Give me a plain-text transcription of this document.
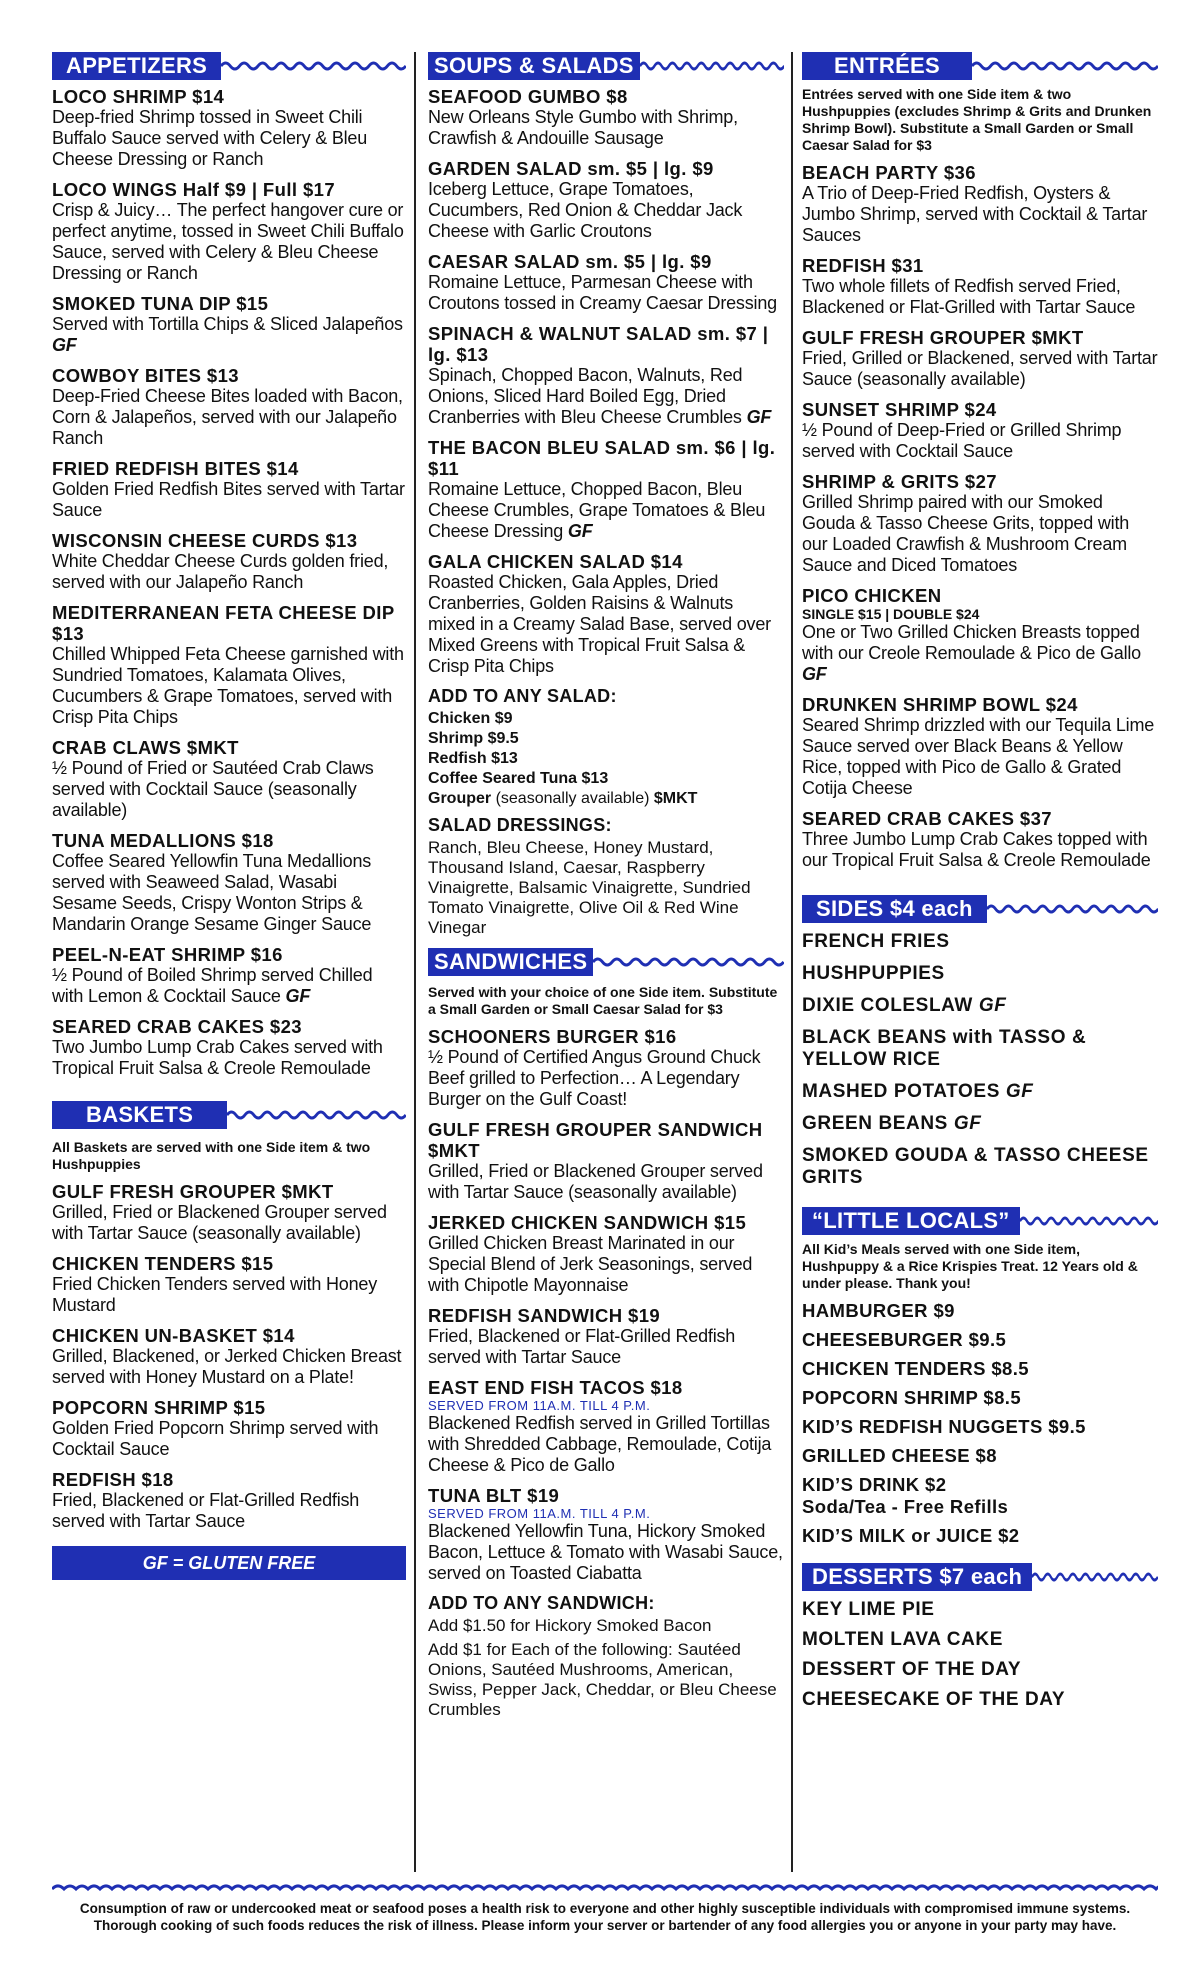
APPETIZERS
LOCO SHRIMP $14
Deep-fried Shrimp tossed in Sweet Chili Buffalo Sauce served with Celery & Bleu Cheese Dressing or Ranch
LOCO WINGS Half $9 | Full $17
Crisp & Juicy… The perfect hangover cure or perfect anytime, tossed in Sweet Chili Buffalo Sauce, served with Celery & Bleu Cheese Dressing or Ranch
SMOKED TUNA DIP $15
Served with Tortilla Chips & Sliced Jalapeños GF
COWBOY BITES $13
Deep-Fried Cheese Bites loaded with Bacon, Corn & Jalapeños, served with our Jalapeño Ranch
FRIED REDFISH BITES $14
Golden Fried Redfish Bites served with Tartar Sauce
WISCONSIN CHEESE CURDS $13
White Cheddar Cheese Curds golden fried, served with our Jalapeño Ranch
MEDITERRANEAN FETA CHEESE DIP $13
Chilled Whipped Feta Cheese garnished with Sundried Tomatoes, Kalamata Olives, Cucumbers & Grape Tomatoes, served with Crisp Pita Chips
CRAB CLAWS $MKT
½ Pound of Fried or Sautéed Crab Claws served with Cocktail Sauce (seasonally available)
TUNA MEDALLIONS $18
Coffee Seared Yellowfin Tuna Medallions served with Seaweed Salad, Wasabi Sesame Seeds, Crispy Wonton Strips & Mandarin Orange Sesame Ginger Sauce
PEEL-N-EAT SHRIMP $16
½ Pound of Boiled Shrimp served Chilled with Lemon & Cocktail Sauce GF
SEARED CRAB CAKES $23
Two Jumbo Lump Crab Cakes served with Tropical Fruit Salsa & Creole Remoulade
BASKETS
All Baskets are served with one Side item & two Hushpuppies
GULF FRESH GROUPER $MKT
Grilled, Fried or Blackened Grouper served with Tartar Sauce (seasonally available)
CHICKEN TENDERS $15
Fried Chicken Tenders served with Honey Mustard
CHICKEN UN-BASKET $14
Grilled, Blackened, or Jerked Chicken Breast served with Honey Mustard on a Plate!
POPCORN SHRIMP $15
Golden Fried Popcorn Shrimp served with Cocktail Sauce
REDFISH $18
Fried, Blackened or Flat-Grilled Redfish served with Tartar Sauce
GF = GLUTEN FREE
SOUPS & SALADS
SEAFOOD GUMBO $8
New Orleans Style Gumbo with Shrimp, Crawfish & Andouille Sausage
GARDEN SALAD sm. $5 | lg. $9
Iceberg Lettuce, Grape Tomatoes, Cucumbers, Red Onion & Cheddar Jack Cheese with Garlic Croutons
CAESAR SALAD sm. $5 | lg. $9
Romaine Lettuce, Parmesan Cheese with Croutons tossed in Creamy Caesar Dressing
SPINACH & WALNUT SALAD sm. $7 | lg. $13
Spinach, Chopped Bacon, Walnuts, Red Onions, Sliced Hard Boiled Egg, Dried Cranberries with Bleu Cheese Crumbles GF
THE BACON BLEU SALAD sm. $6 | lg. $11
Romaine Lettuce, Chopped Bacon, Bleu Cheese Crumbles, Grape Tomatoes & Bleu Cheese Dressing GF
GALA CHICKEN SALAD $14
Roasted Chicken, Gala Apples, Dried Cranberries, Golden Raisins & Walnuts mixed in a Creamy Salad Base, served over Mixed Greens with Tropical Fruit Salsa & Crisp Pita Chips
ADD TO ANY SALAD:
Chicken $9
Shrimp $9.5
Redfish $13
Coffee Seared Tuna $13
Grouper (seasonally available) $MKT
SALAD DRESSINGS:
Ranch, Bleu Cheese, Honey Mustard, Thousand Island, Caesar, Raspberry Vinaigrette, Balsamic Vinaigrette, Sundried Tomato Vinaigrette, Olive Oil & Red Wine Vinegar
SANDWICHES
Served with your choice of one Side item. Substitute a Small Garden or Small Caesar Salad for $3
SCHOONERS BURGER $16
½ Pound of Certified Angus Ground Chuck Beef grilled to Perfection… A Legendary Burger on the Gulf Coast!
GULF FRESH GROUPER SANDWICH $MKT
Grilled, Fried or Blackened Grouper served with Tartar Sauce (seasonally available)
JERKED CHICKEN SANDWICH $15
Grilled Chicken Breast Marinated in our Special Blend of Jerk Seasonings, served with Chipotle Mayonnaise
REDFISH SANDWICH $19
Fried, Blackened or Flat-Grilled Redfish served with Tartar Sauce
EAST END FISH TACOS $18
SERVED FROM 11A.M. TILL 4 P.M.
Blackened Redfish served in Grilled Tortillas with Shredded Cabbage, Remoulade, Cotija Cheese & Pico de Gallo
TUNA BLT $19
SERVED FROM 11A.M. TILL 4 P.M.
Blackened Yellowfin Tuna, Hickory Smoked Bacon, Lettuce & Tomato with Wasabi Sauce, served on Toasted Ciabatta
ADD TO ANY SANDWICH:
Add $1.50 for Hickory Smoked Bacon
Add $1 for Each of the following: Sautéed Onions, Sautéed Mushrooms, American, Swiss, Pepper Jack, Cheddar, or Bleu Cheese Crumbles
ENTRÉES
Entrées served with one Side item & two Hushpuppies (excludes Shrimp & Grits and Drunken Shrimp Bowl). Substitute a Small Garden or Small Caesar Salad for $3
BEACH PARTY $36
A Trio of Deep-Fried Redfish, Oysters & Jumbo Shrimp, served with Cocktail & Tartar Sauces
REDFISH $31
Two whole fillets of Redfish served Fried, Blackened or Flat-Grilled with Tartar Sauce
GULF FRESH GROUPER $MKT
Fried, Grilled or Blackened, served with Tartar Sauce (seasonally available)
SUNSET SHRIMP $24
½ Pound of Deep-Fried or Grilled Shrimp served with Cocktail Sauce
SHRIMP & GRITS $27
Grilled Shrimp paired with our Smoked Gouda & Tasso Cheese Grits, topped with our Loaded Crawfish & Mushroom Cream Sauce and Diced Tomatoes
PICO CHICKEN
SINGLE $15 | DOUBLE $24
One or Two Grilled Chicken Breasts topped with our Creole Remoulade & Pico de Gallo GF
DRUNKEN SHRIMP BOWL $24
Seared Shrimp drizzled with our Tequila Lime Sauce served over Black Beans & Yellow Rice, topped with Pico de Gallo & Grated Cotija Cheese
SEARED CRAB CAKES $37
Three Jumbo Lump Crab Cakes topped with our Tropical Fruit Salsa & Creole Remoulade
SIDES $4 each
FRENCH FRIES
HUSHPUPPIES
DIXIE COLESLAW GF
BLACK BEANS with TASSO & YELLOW RICE
MASHED POTATOES GF
GREEN BEANS GF
SMOKED GOUDA & TASSO CHEESE GRITS
“LITTLE LOCALS”
All Kid’s Meals served with one Side item, Hushpuppy & a Rice Krispies Treat. 12 Years old & under please. Thank you!
HAMBURGER $9
CHEESEBURGER $9.5
CHICKEN TENDERS $8.5
POPCORN SHRIMP $8.5
KID’S REDFISH NUGGETS $9.5
GRILLED CHEESE $8
KID’S DRINK $2
Soda/Tea - Free Refills
KID’S MILK or JUICE $2
DESSERTS $7 each
KEY LIME PIE
MOLTEN LAVA CAKE
DESSERT OF THE DAY
CHEESECAKE OF THE DAY
Consumption of raw or undercooked meat or seafood poses a health risk to everyone and other highly susceptible individuals with compromised immune systems.
Thorough cooking of such foods reduces the risk of illness. Please inform your server or bartender of any food allergies you or anyone in your party may have.
